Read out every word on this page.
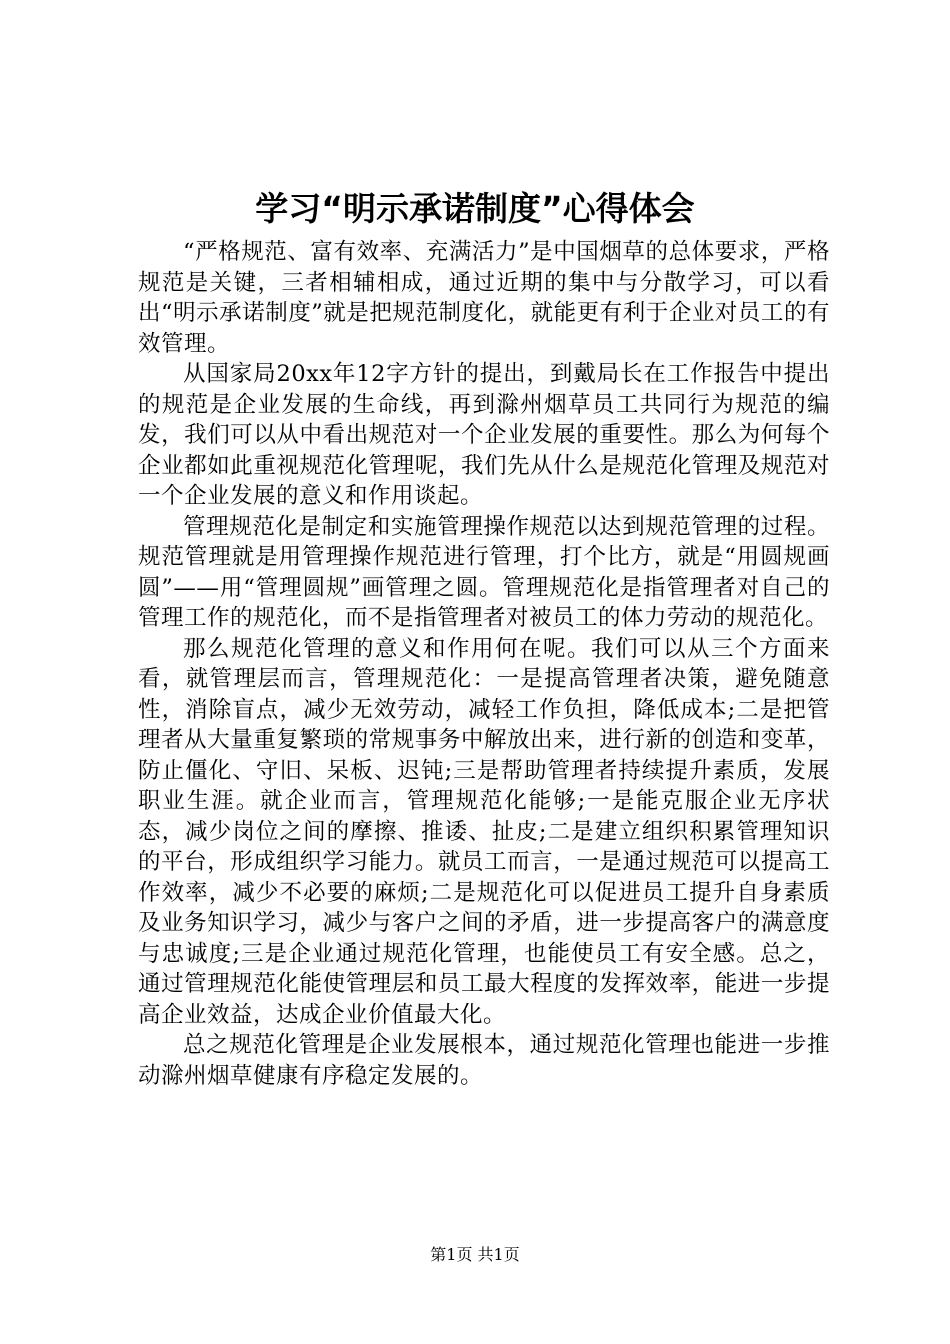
学习“明示承诺制度”心得体会

“严格规范、富有效率、充满活力”是中国烟草的总体要求，严格规范是关键，三者相辅相成，通过近期的集中与分散学习，可以看出“明示承诺制度”就是把规范制度化，就能更有利于企业对员工的有效管理。

从国家局20xx年12字方针的提出，到戴局长在工作报告中提出的规范是企业发展的生命线，再到滁州烟草员工共同行为规范的编发，我们可以从中看出规范对一个企业发展的重要性。那么为何每个企业都如此重视规范化管理呢，我们先从什么是规范化管理及规范对一个企业发展的意义和作用谈起。

管理规范化是制定和实施管理操作规范以达到规范管理的过程。规范管理就是用管理操作规范进行管理，打个比方，就是“用圆规画圆”——用“管理圆规”画管理之圆。管理规范化是指管理者对自己的管理工作的规范化，而不是指管理者对被员工的体力劳动的规范化。

那么规范化管理的意义和作用何在呢。我们可以从三个方面来看，就管理层而言，管理规范化：一是提高管理者决策，避免随意性，消除盲点，减少无效劳动，减轻工作负担，降低成本;二是把管理者从大量重复繁琐的常规事务中解放出来，进行新的创造和变革，防止僵化、守旧、呆板、迟钝;三是帮助管理者持续提升素质，发展职业生涯。就企业而言，管理规范化能够;一是能克服企业无序状态，减少岗位之间的摩擦、推诿、扯皮;二是建立组织积累管理知识的平台，形成组织学习能力。就员工而言，一是通过规范可以提高工作效率，减少不必要的麻烦;二是规范化可以促进员工提升自身素质及业务知识学习，减少与客户之间的矛盾，进一步提高客户的满意度与忠诚度;三是企业通过规范化管理，也能使员工有安全感。总之，通过管理规范化能使管理层和员工最大程度的发挥效率，能进一步提高企业效益，达成企业价值最大化。

总之规范化管理是企业发展根本，通过规范化管理也能进一步推动滁州烟草健康有序稳定发展的。

第1页 共1页
